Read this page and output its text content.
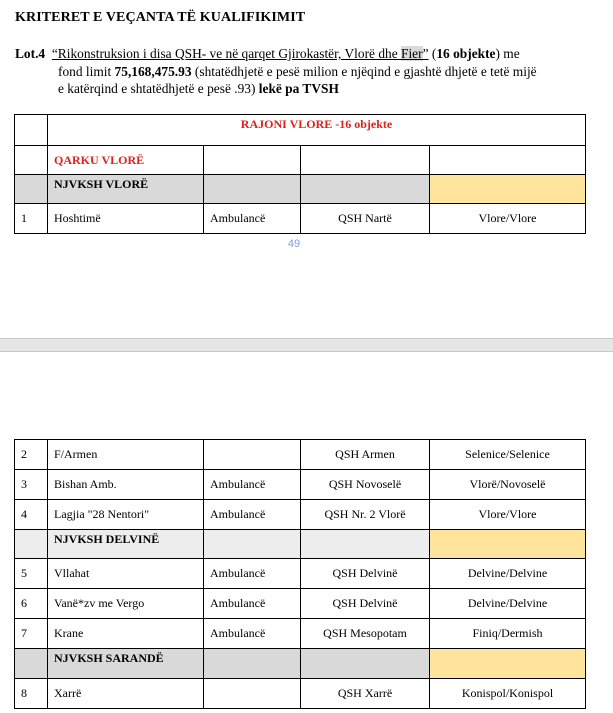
KRITERET E VEÇANTA TË KUALIFIKIMIT
Lot.4 “Rikonstruksion i disa QSH- ve në qarqet Gjirokastër, Vlorë dhe Fier” (16 objekte) me
fond limit 75,168,475.93 (shtatëdhjetë e pesë milion e njëqind e gjashtë dhjetë e tetë mijë
e katërqind e shtatëdhjetë e pesë .93) lekë pa TVSH
	RAJONI VLORE -16 objekte			
	QARKU VLORË			
	NJVKSH VLORË			
1	Hoshtimë	Ambulancë	QSH Nartë	Vlore/Vlore
49
2	F/Armen		QSH Armen	Selenice/Selenice
3	Bishan Amb.	Ambulancë	QSH Novoselë	Vlorë/Novoselë
4	Lagjia "28 Nentori"	Ambulancë	QSH Nr. 2 Vlorë	Vlore/Vlore
	NJVKSH DELVINË			
5	Vllahat	Ambulancë	QSH Delvinë	Delvine/Delvine
6	Vanë*zv me Vergo	Ambulancë	QSH Delvinë	Delvine/Delvine
7	Krane	Ambulancë	QSH Mesopotam	Finiq/Dermish
	NJVKSH SARANDË			
8	Xarrë		QSH Xarrë	Konispol/Konispol
